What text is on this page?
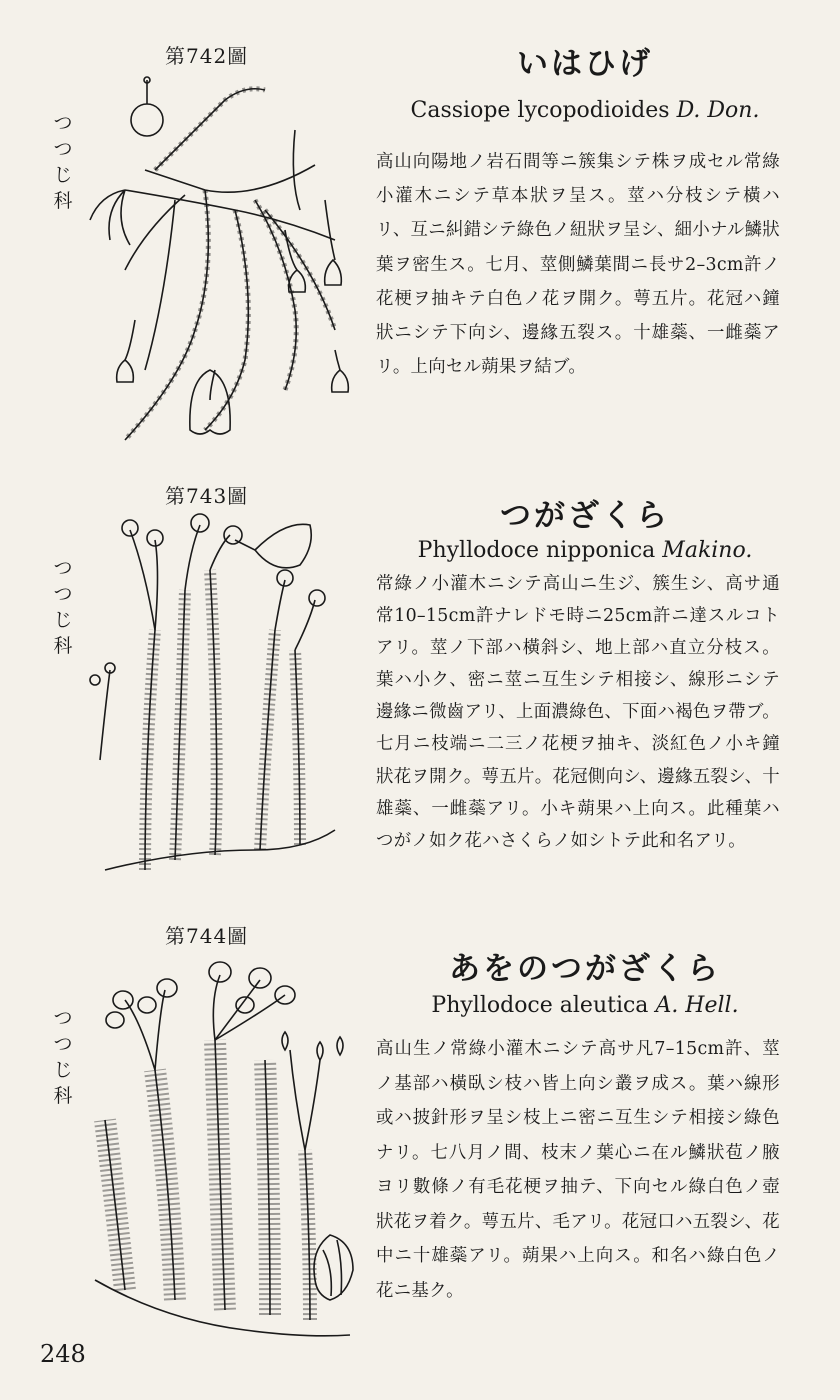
第742圖
つつじ科
いはひげ
Cassiope lycopodioides D. Don.
高山向陽地ノ岩石間等ニ簇集シテ株ヲ成セル常綠小灌木ニシテ草本狀ヲ呈ス。莖ハ分枝シテ橫ハリ、互ニ糾錯シテ綠色ノ紐狀ヲ呈シ、細小ナル鱗狀葉ヲ密生ス。七月、莖側鱗葉間ニ長サ2–3cm許ノ花梗ヲ抽キテ白色ノ花ヲ開ク。萼五片。花冠ハ鐘狀ニシテ下向シ、邊緣五裂ス。十雄蘂、一雌蘂アリ。上向セル蒴果ヲ結ブ。
第743圖
つつじ科
つがざくら
Phyllodoce nipponica Makino.
常綠ノ小灌木ニシテ高山ニ生ジ、簇生シ、高サ通常10–15cm許ナレドモ時ニ25cm許ニ達スルコトアリ。莖ノ下部ハ橫斜シ、地上部ハ直立分枝ス。葉ハ小ク、密ニ莖ニ互生シテ相接シ、線形ニシテ邊緣ニ微齒アリ、上面濃綠色、下面ハ褐色ヲ帶ブ。七月ニ枝端ニ二三ノ花梗ヲ抽キ、淡紅色ノ小キ鐘狀花ヲ開ク。萼五片。花冠側向シ、邊緣五裂シ、十雄蘂、一雌蘂アリ。小キ蒴果ハ上向ス。此種葉ハつがノ如ク花ハさくらノ如シトテ此和名アリ。
第744圖
つつじ科
あをのつがざくら
Phyllodoce aleutica A. Hell.
高山生ノ常綠小灌木ニシテ高サ凡7–15cm許、莖ノ基部ハ橫臥シ枝ハ皆上向シ叢ヲ成ス。葉ハ線形或ハ披針形ヲ呈シ枝上ニ密ニ互生シテ相接シ綠色ナリ。七八月ノ間、枝末ノ葉心ニ在ル鱗狀苞ノ腋ヨリ數條ノ有毛花梗ヲ抽テ、下向セル綠白色ノ壺狀花ヲ着ク。萼五片、毛アリ。花冠口ハ五裂シ、花中ニ十雄蘂アリ。蒴果ハ上向ス。和名ハ綠白色ノ花ニ基ク。
248
